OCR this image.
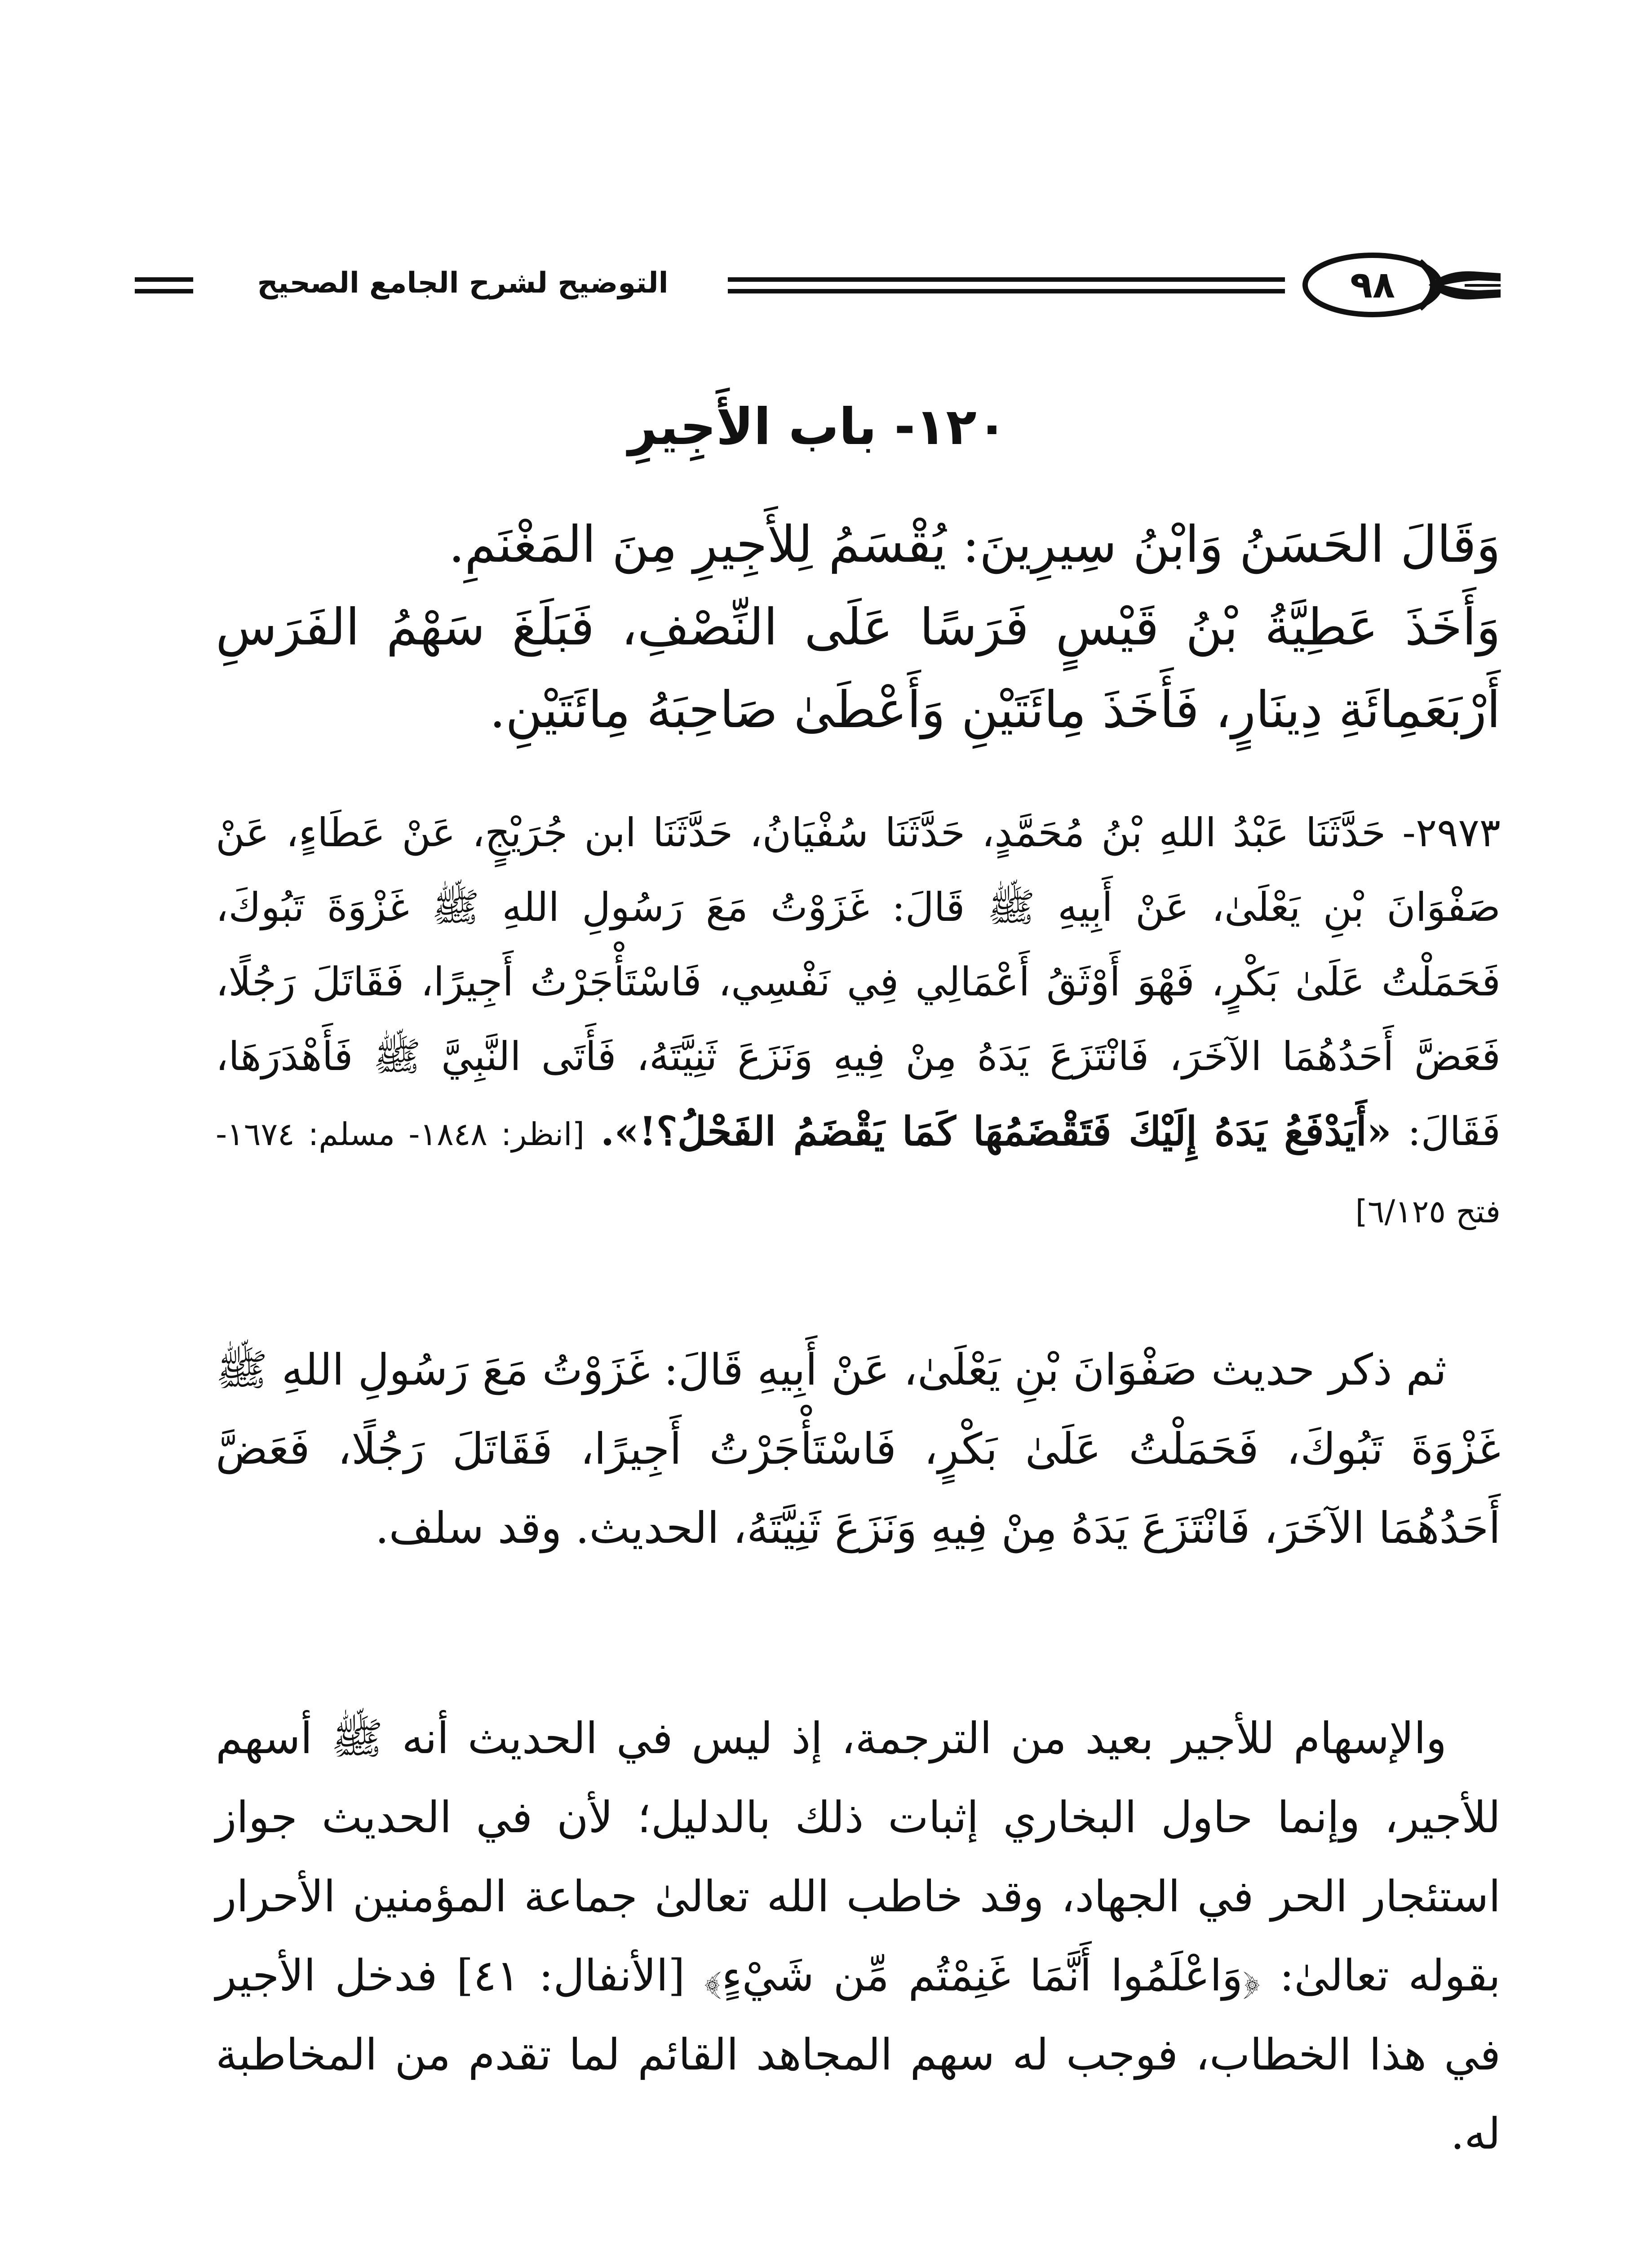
التوضيح لشرح الجامع الصحيح	٩٨
١٢٠- باب الأَجِيرِ

وَقَالَ الحَسَنُ وَابْنُ سِيرِينَ: يُقْسَمُ لِلأَجِيرِ مِنَ المَغْنَمِ.

وَأَخَذَ عَطِيَّةُ بْنُ قَيْسٍ فَرَسًا عَلَى النِّصْفِ، فَبَلَغَ سَهْمُ الفَرَسِ أَرْبَعَمِائَةِ دِينَارٍ، فَأَخَذَ مِائَتَيْنِ وَأَعْطَىٰ صَاحِبَهُ مِائَتَيْنِ.

٢٩٧٣- حَدَّثَنَا عَبْدُ اللهِ بْنُ مُحَمَّدٍ، حَدَّثَنَا سُفْيَانُ، حَدَّثَنَا ابن جُرَيْجٍ، عَنْ عَطَاءٍ، عَنْ صَفْوَانَ بْنِ يَعْلَىٰ، عَنْ أَبِيهِ ﷺ قَالَ: غَزَوْتُ مَعَ رَسُولِ اللهِ ﷺ غَزْوَةَ تَبُوكَ، فَحَمَلْتُ عَلَىٰ بَكْرٍ، فَهْوَ أَوْثَقُ أَعْمَالِي فِي نَفْسِي، فَاسْتَأْجَرْتُ أَجِيرًا، فَقَاتَلَ رَجُلًا، فَعَضَّ أَحَدُهُمَا الآخَرَ، فَانْتَزَعَ يَدَهُ مِنْ فِيهِ وَنَزَعَ ثَنِيَّتَهُ، فَأَتَى النَّبِيَّ ﷺ فَأَهْدَرَهَا، فَقَالَ: «أَيَدْفَعُ يَدَهُ إِلَيْكَ فَتَقْضَمُهَا كَمَا يَقْضَمُ الفَحْلُ؟!». [انظر: ١٨٤٨- مسلم: ١٦٧٤- فتح ٦/١٢٥]

ثم ذكر حديث صَفْوَانَ بْنِ يَعْلَىٰ، عَنْ أَبِيهِ قَالَ: غَزَوْتُ مَعَ رَسُولِ اللهِ ﷺ غَزْوَةَ تَبُوكَ، فَحَمَلْتُ عَلَىٰ بَكْرٍ، فَاسْتَأْجَرْتُ أَجِيرًا، فَقَاتَلَ رَجُلًا، فَعَضَّ أَحَدُهُمَا الآخَرَ، فَانْتَزَعَ يَدَهُ مِنْ فِيهِ وَنَزَعَ ثَنِيَّتَهُ، الحديث. وقد سلف.

والإسهام للأجير بعيد من الترجمة، إذ ليس في الحديث أنه ﷺ أسهم للأجير، وإنما حاول البخاري إثبات ذلك بالدليل؛ لأن في الحديث جواز استئجار الحر في الجهاد، وقد خاطب الله تعالىٰ جماعة المؤمنين الأحرار بقوله تعالىٰ: ﴿وَاعْلَمُوا أَنَّمَا غَنِمْتُم مِّن شَيْءٍ﴾ [الأنفال: ٤١] فدخل الأجير في هذا الخطاب، فوجب له سهم المجاهد القائم لما تقدم من المخاطبة له.
